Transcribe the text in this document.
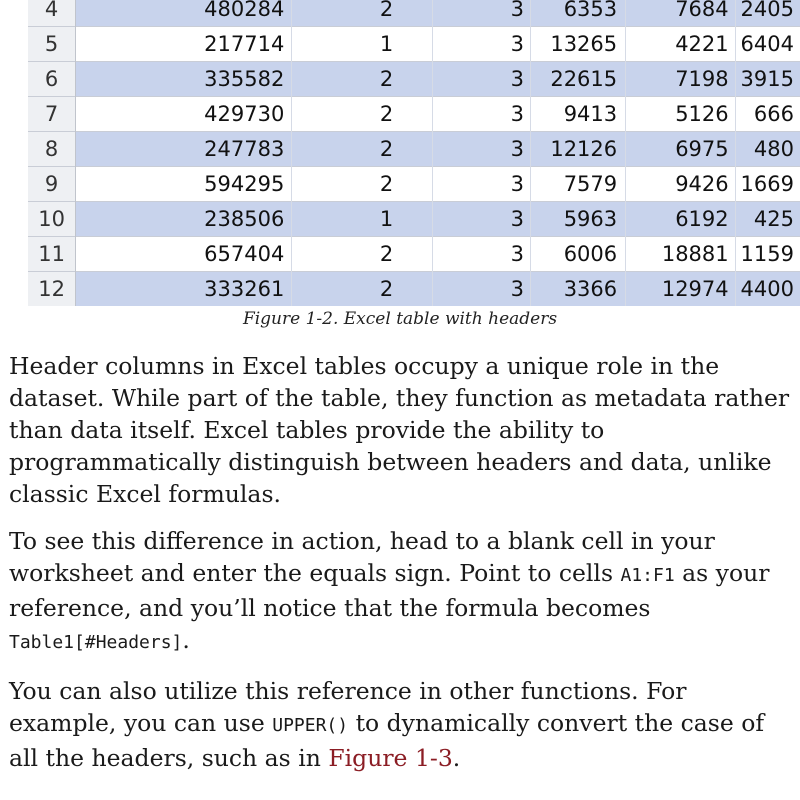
4	480284	2	3	6353	7684	2405
5	217714	1	3	13265	4221	6404
6	335582	2	3	22615	7198	3915
7	429730	2	3	9413	5126	666
8	247783	2	3	12126	6975	480
9	594295	2	3	7579	9426	1669
10	238506	1	3	5963	6192	425
11	657404	2	3	6006	18881	1159
12	333261	2	3	3366	12974	4400
Figure 1-2. Excel table with headers

Header columns in Excel tables occupy a unique role in the dataset. While part of the table, they function as metadata rather than data itself. Excel tables provide the ability to programmatically distinguish between headers and data, unlike classic Excel formulas.

To see this difference in action, head to a blank cell in your worksheet and enter the equals sign. Point to cells A1:F1 as your reference, and you’ll notice that the formula becomes Table1[#Headers].

You can also utilize this reference in other functions. For example, you can use UPPER() to dynamically convert the case of all the headers, such as in Figure 1-3.
